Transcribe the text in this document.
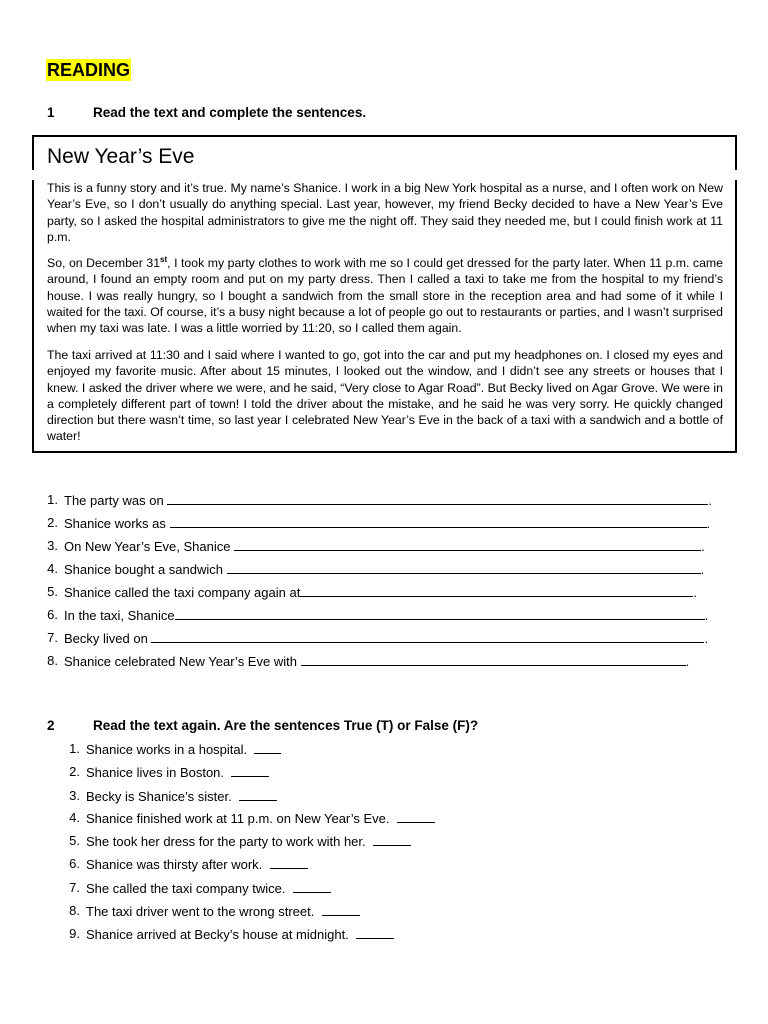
READING
1	Read the text and complete the sentences.
New Year’s Eve

This is a funny story and it’s true. My name’s Shanice. I work in a big New York hospital as a nurse, and I often work on New Year’s Eve, so I don’t usually do anything special. Last year, however, my friend Becky decided to have a New Year’s Eve party, so I asked the hospital administrators to give me the night off. They said they needed me, but I could finish work at 11 p.m.

So, on December 31st, I took my party clothes to work with me so I could get dressed for the party later. When 11 p.m. came around, I found an empty room and put on my party dress. Then I called a taxi to take me from the hospital to my friend’s house. I was really hungry, so I bought a sandwich from the small store in the reception area and had some of it while I waited for the taxi. Of course, it’s a busy night because a lot of people go out to restaurants or parties, and I wasn’t surprised when my taxi was late. I was a little worried by 11:20, so I called them again.

The taxi arrived at 11:30 and I said where I wanted to go, got into the car and put my headphones on. I closed my eyes and enjoyed my favorite music. After about 15 minutes, I looked out the window, and I didn’t see any streets or houses that I knew. I asked the driver where we were, and he said, “Very close to Agar Road”. But Becky lived on Agar Grove. We were in a completely different part of town! I told the driver about the mistake, and he said he was very sorry. He quickly changed direction but there wasn’t time, so last year I celebrated New Year’s Eve in the back of a taxi with a sandwich and a bottle of water!

1. The party was on	.
2. Shanice works as	.
3. On New Year’s Eve, Shanice	.
4. Shanice bought a sandwich	.
5. Shanice called the taxi company again at	.
6. In the taxi, Shanice	.
7. Becky lived on	.
8. Shanice celebrated New Year’s Eve with	.
2	Read the text again. Are the sentences True (T) or False (F)?
1. Shanice works in a hospital.
2. Shanice lives in Boston.
3. Becky is Shanice’s sister.
4. Shanice finished work at 11 p.m. on New Year’s Eve.
5. She took her dress for the party to work with her.
6. Shanice was thirsty after work.
7. She called the taxi company twice.
8. The taxi driver went to the wrong street.
9. Shanice arrived at Becky’s house at midnight.
